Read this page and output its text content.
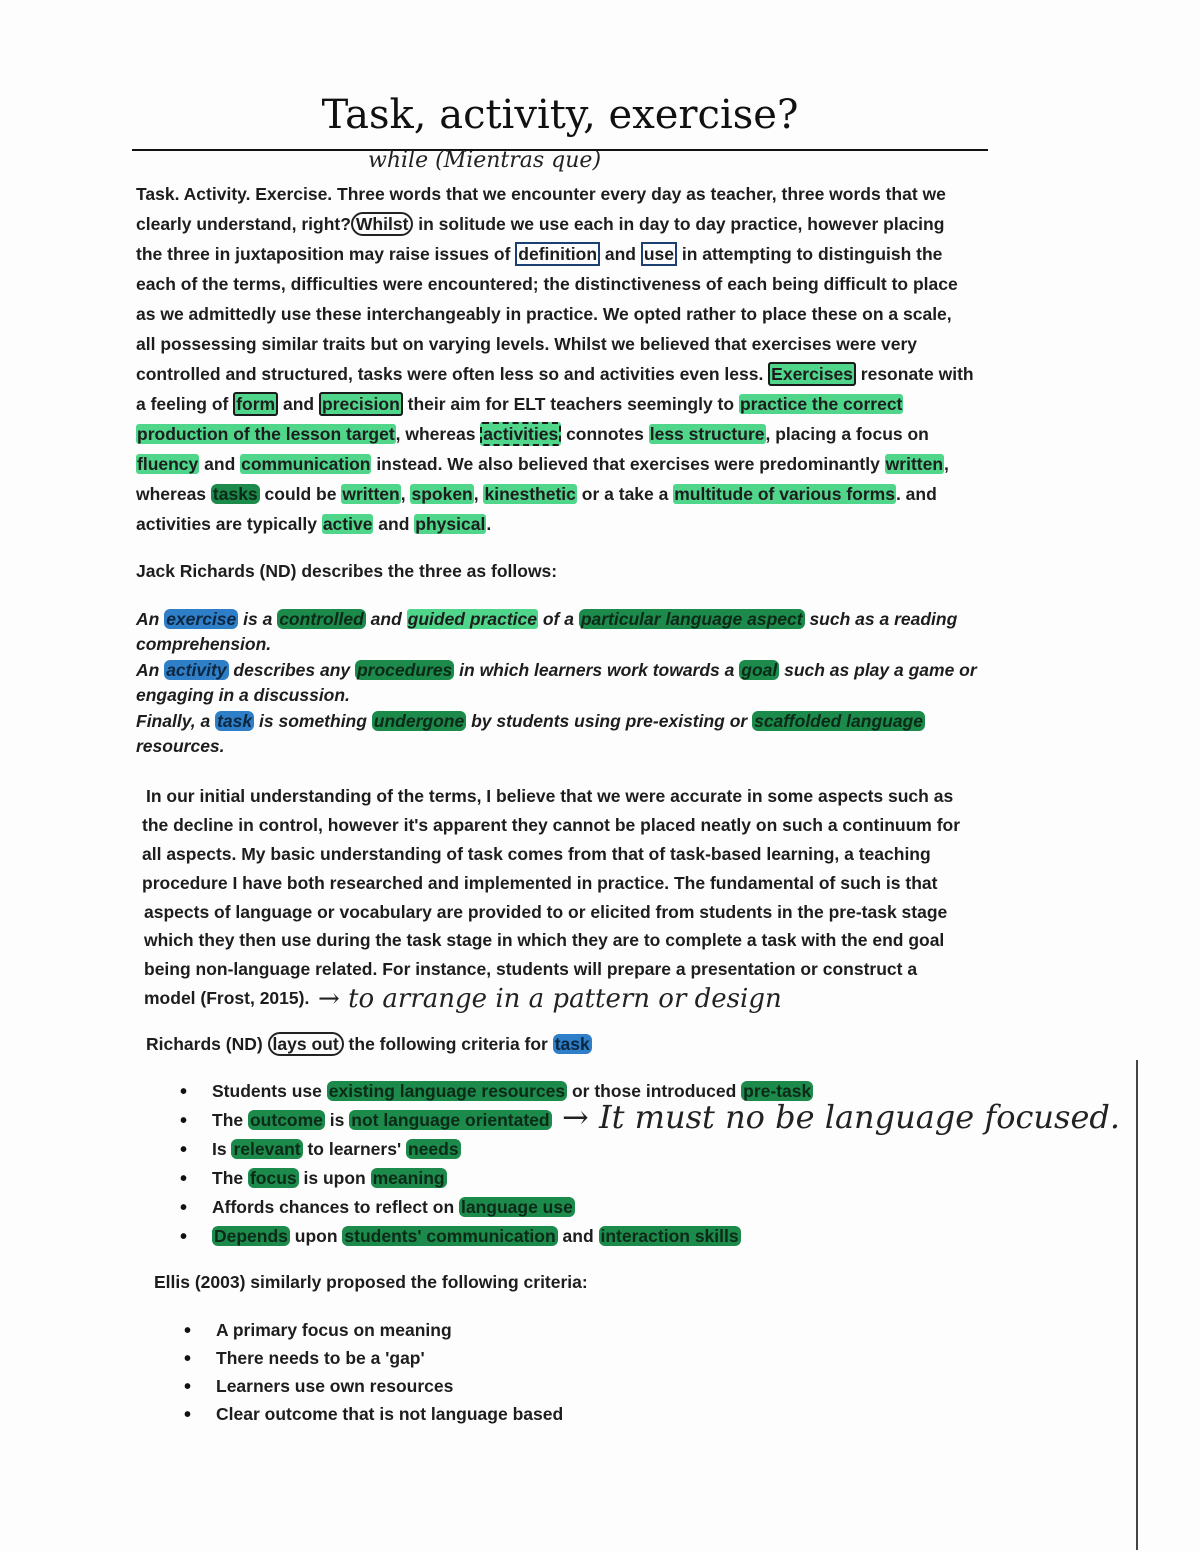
Task, activity, exercise?
while (Mientras que)
Task. Activity. Exercise. Three words that we encounter every day as teacher, three words that we
clearly understand, right? Whilst in solitude we use each in day to day practice, however placing
the three in juxtaposition may raise issues of definition and use in attempting to distinguish the
each of the terms, difficulties were encountered; the distinctiveness of each being difficult to place
as we admittedly use these interchangeably in practice. We opted rather to place these on a scale,
all possessing similar traits but on varying levels. Whilst we believed that exercises were very
controlled and structured, tasks were often less so and activities even less. Exercises resonate with
a feeling of form and precision their aim for ELT teachers seemingly to practice the correct
production of the lesson target, whereas activities connotes less structure, placing a focus on
fluency and communication instead. We also believed that exercises were predominantly written,
whereas tasks could be written, spoken, kinesthetic or a take a multitude of various forms. and
activities are typically active and physical.
Jack Richards (ND) describes the three as follows:
An exercise is a controlled and guided practice of a particular language aspect such as a reading
comprehension.
An activity describes any procedures in which learners work towards a goal such as play a game or
engaging in a discussion.
Finally, a task is something undergone by students using pre-existing or scaffolded language
resources.
In our initial understanding of the terms, I believe that we were accurate in some aspects such as
the decline in control, however it's apparent they cannot be placed neatly on such a continuum for
all aspects. My basic understanding of task comes from that of task-based learning, a teaching
procedure I have both researched and implemented in practice. The fundamental of such is that
aspects of language or vocabulary are provided to or elicited from students in the pre-task stage
which they then use during the task stage in which they are to complete a task with the end goal
being non-language related. For instance, students will prepare a presentation or construct a
model (Frost, 2015). → to arrange in a pattern or design
Richards (ND) lays out the following criteria for task
• Students use existing language resources or those introduced pre-task
• The outcome is not language orientated
• Is relevant to learners' needs
• The focus is upon meaning
• Affords chances to reflect on language use
• Depends upon students' communication and interaction skills
→ It must no be language focused.
Ellis (2003) similarly proposed the following criteria:
• A primary focus on meaning
• There needs to be a 'gap'
• Learners use own resources
• Clear outcome that is not language based
